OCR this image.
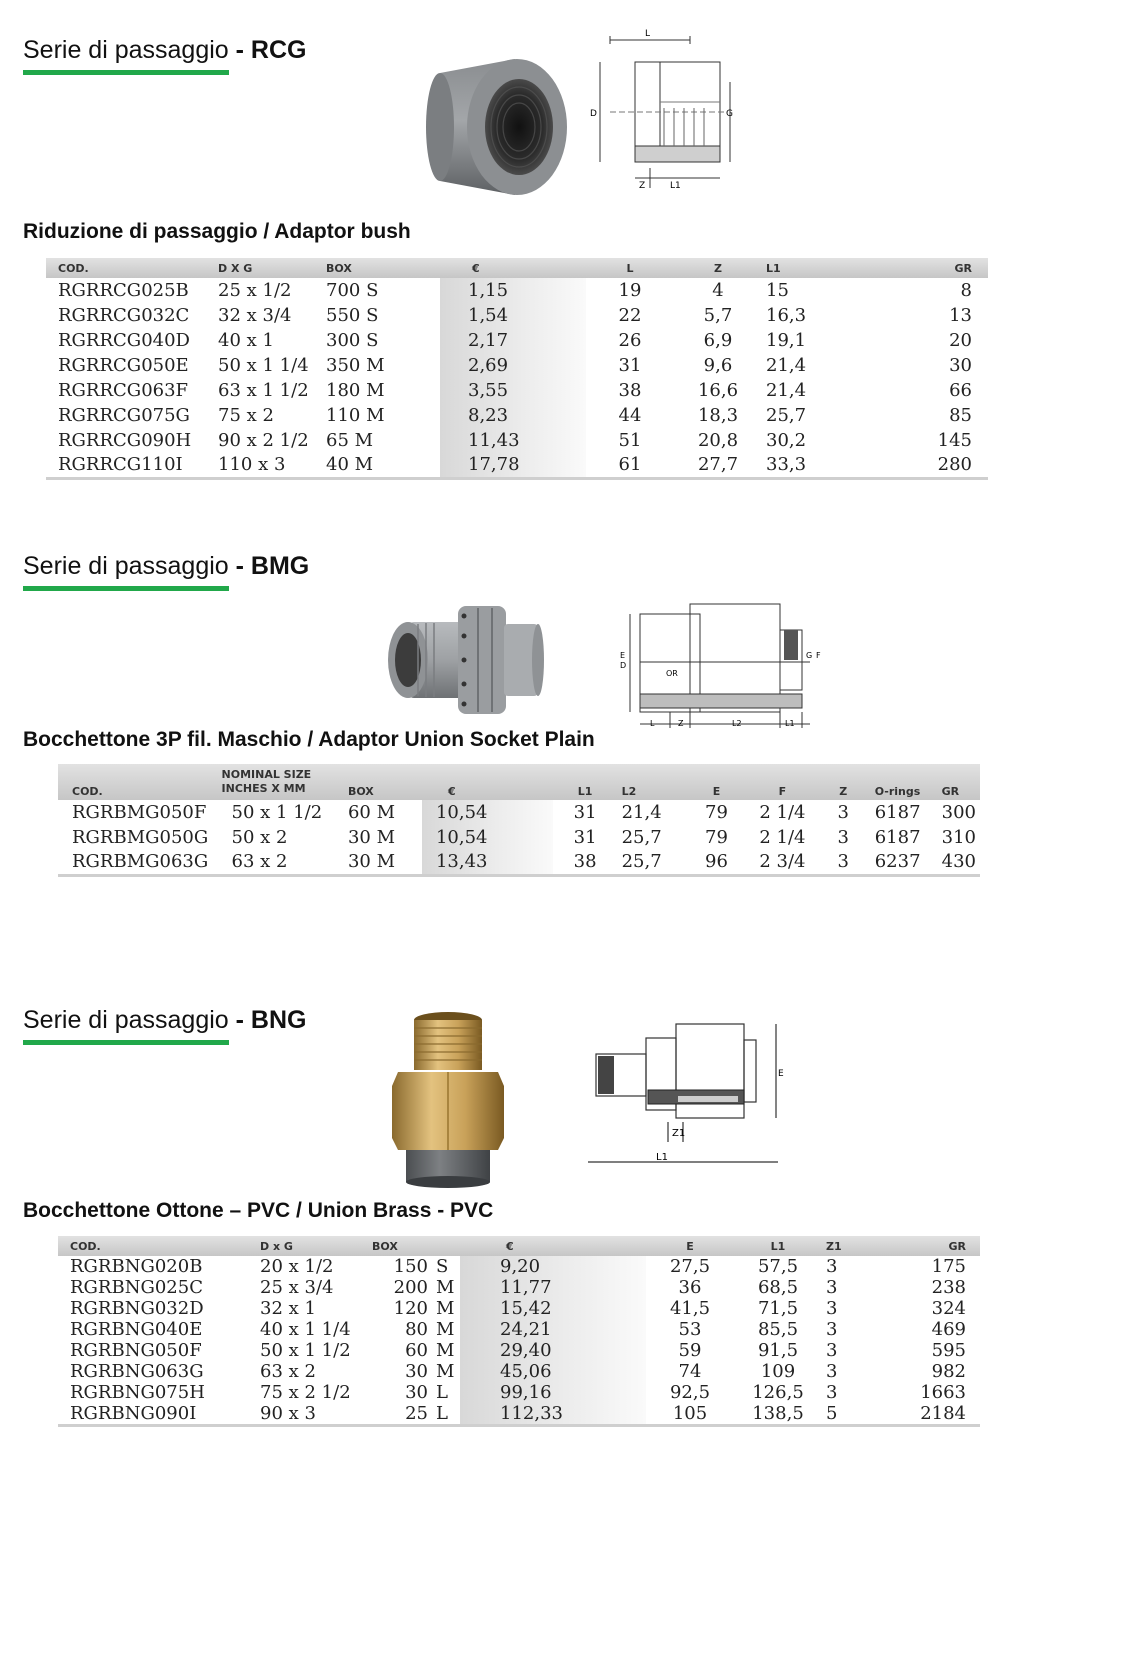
Serie di passaggio - RCG
L
D	G
Z	L1
Riduzione di passaggio / Adaptor bush
COD.	D X G	BOX	€	L	Z	L1	GR
RGRRCG025B	25 x 1/2	700 S	1,15	19	4	15	8
RGRRCG032C	32 x 3/4	550 S	1,54	22	5,7	16,3	13
RGRRCG040D	40 x 1	300 S	2,17	26	6,9	19,1	20
RGRRCG050E	50 x 1 1/4	350 M	2,69	31	9,6	21,4	30
RGRRCG063F	63 x 1 1/2	180 M	3,55	38	16,6	21,4	66
RGRRCG075G	75 x 2	110 M	8,23	44	18,3	25,7	85
RGRRCG090H	90 x 2 1/2	65 M	11,43	51	20,8	30,2	145
RGRRCG110I	110 x 3	40 M	17,78	61	27,7	33,3	280
Serie di passaggio - BMG
OR
L	Z	L2	L1
E
D
G F
Bocchettone 3P fil. Maschio / Adaptor Union Socket Plain
COD.	NOMINAL SIZE
INCHES X MM	BOX	€	L1	L2	E	F	Z	O-rings	GR
RGRBMG050F	50 x 1 1/2	60 M	10,54	31	21,4	79	2 1/4	3	6187	300
RGRBMG050G	50 x 2	30 M	10,54	31	25,7	79	2 1/4	3	6187	310
RGRBMG063G	63 x 2	30 M	13,43	38	25,7	96	2 3/4	3	6237	430
Serie di passaggio - BNG
E
Z1
L1
Bocchettone Ottone – PVC / Union Brass - PVC
COD.	D x G	BOX		€	E	L1	Z1	GR
RGRBNG020B	20 x 1/2	150	S	9,20	27,5	57,5	3	175
RGRBNG025C	25 x 3/4	200	M	11,77	36	68,5	3	238
RGRBNG032D	32 x 1	120	M	15,42	41,5	71,5	3	324
RGRBNG040E	40 x 1 1/4	80	M	24,21	53	85,5	3	469
RGRBNG050F	50 x 1 1/2	60	M	29,40	59	91,5	3	595
RGRBNG063G	63 x 2	30	M	45,06	74	109	3	982
RGRBNG075H	75 x 2 1/2	30	L	99,16	92,5	126,5	3	1663
RGRBNG090I	90 x 3	25	L	112,33	105	138,5	5	2184
